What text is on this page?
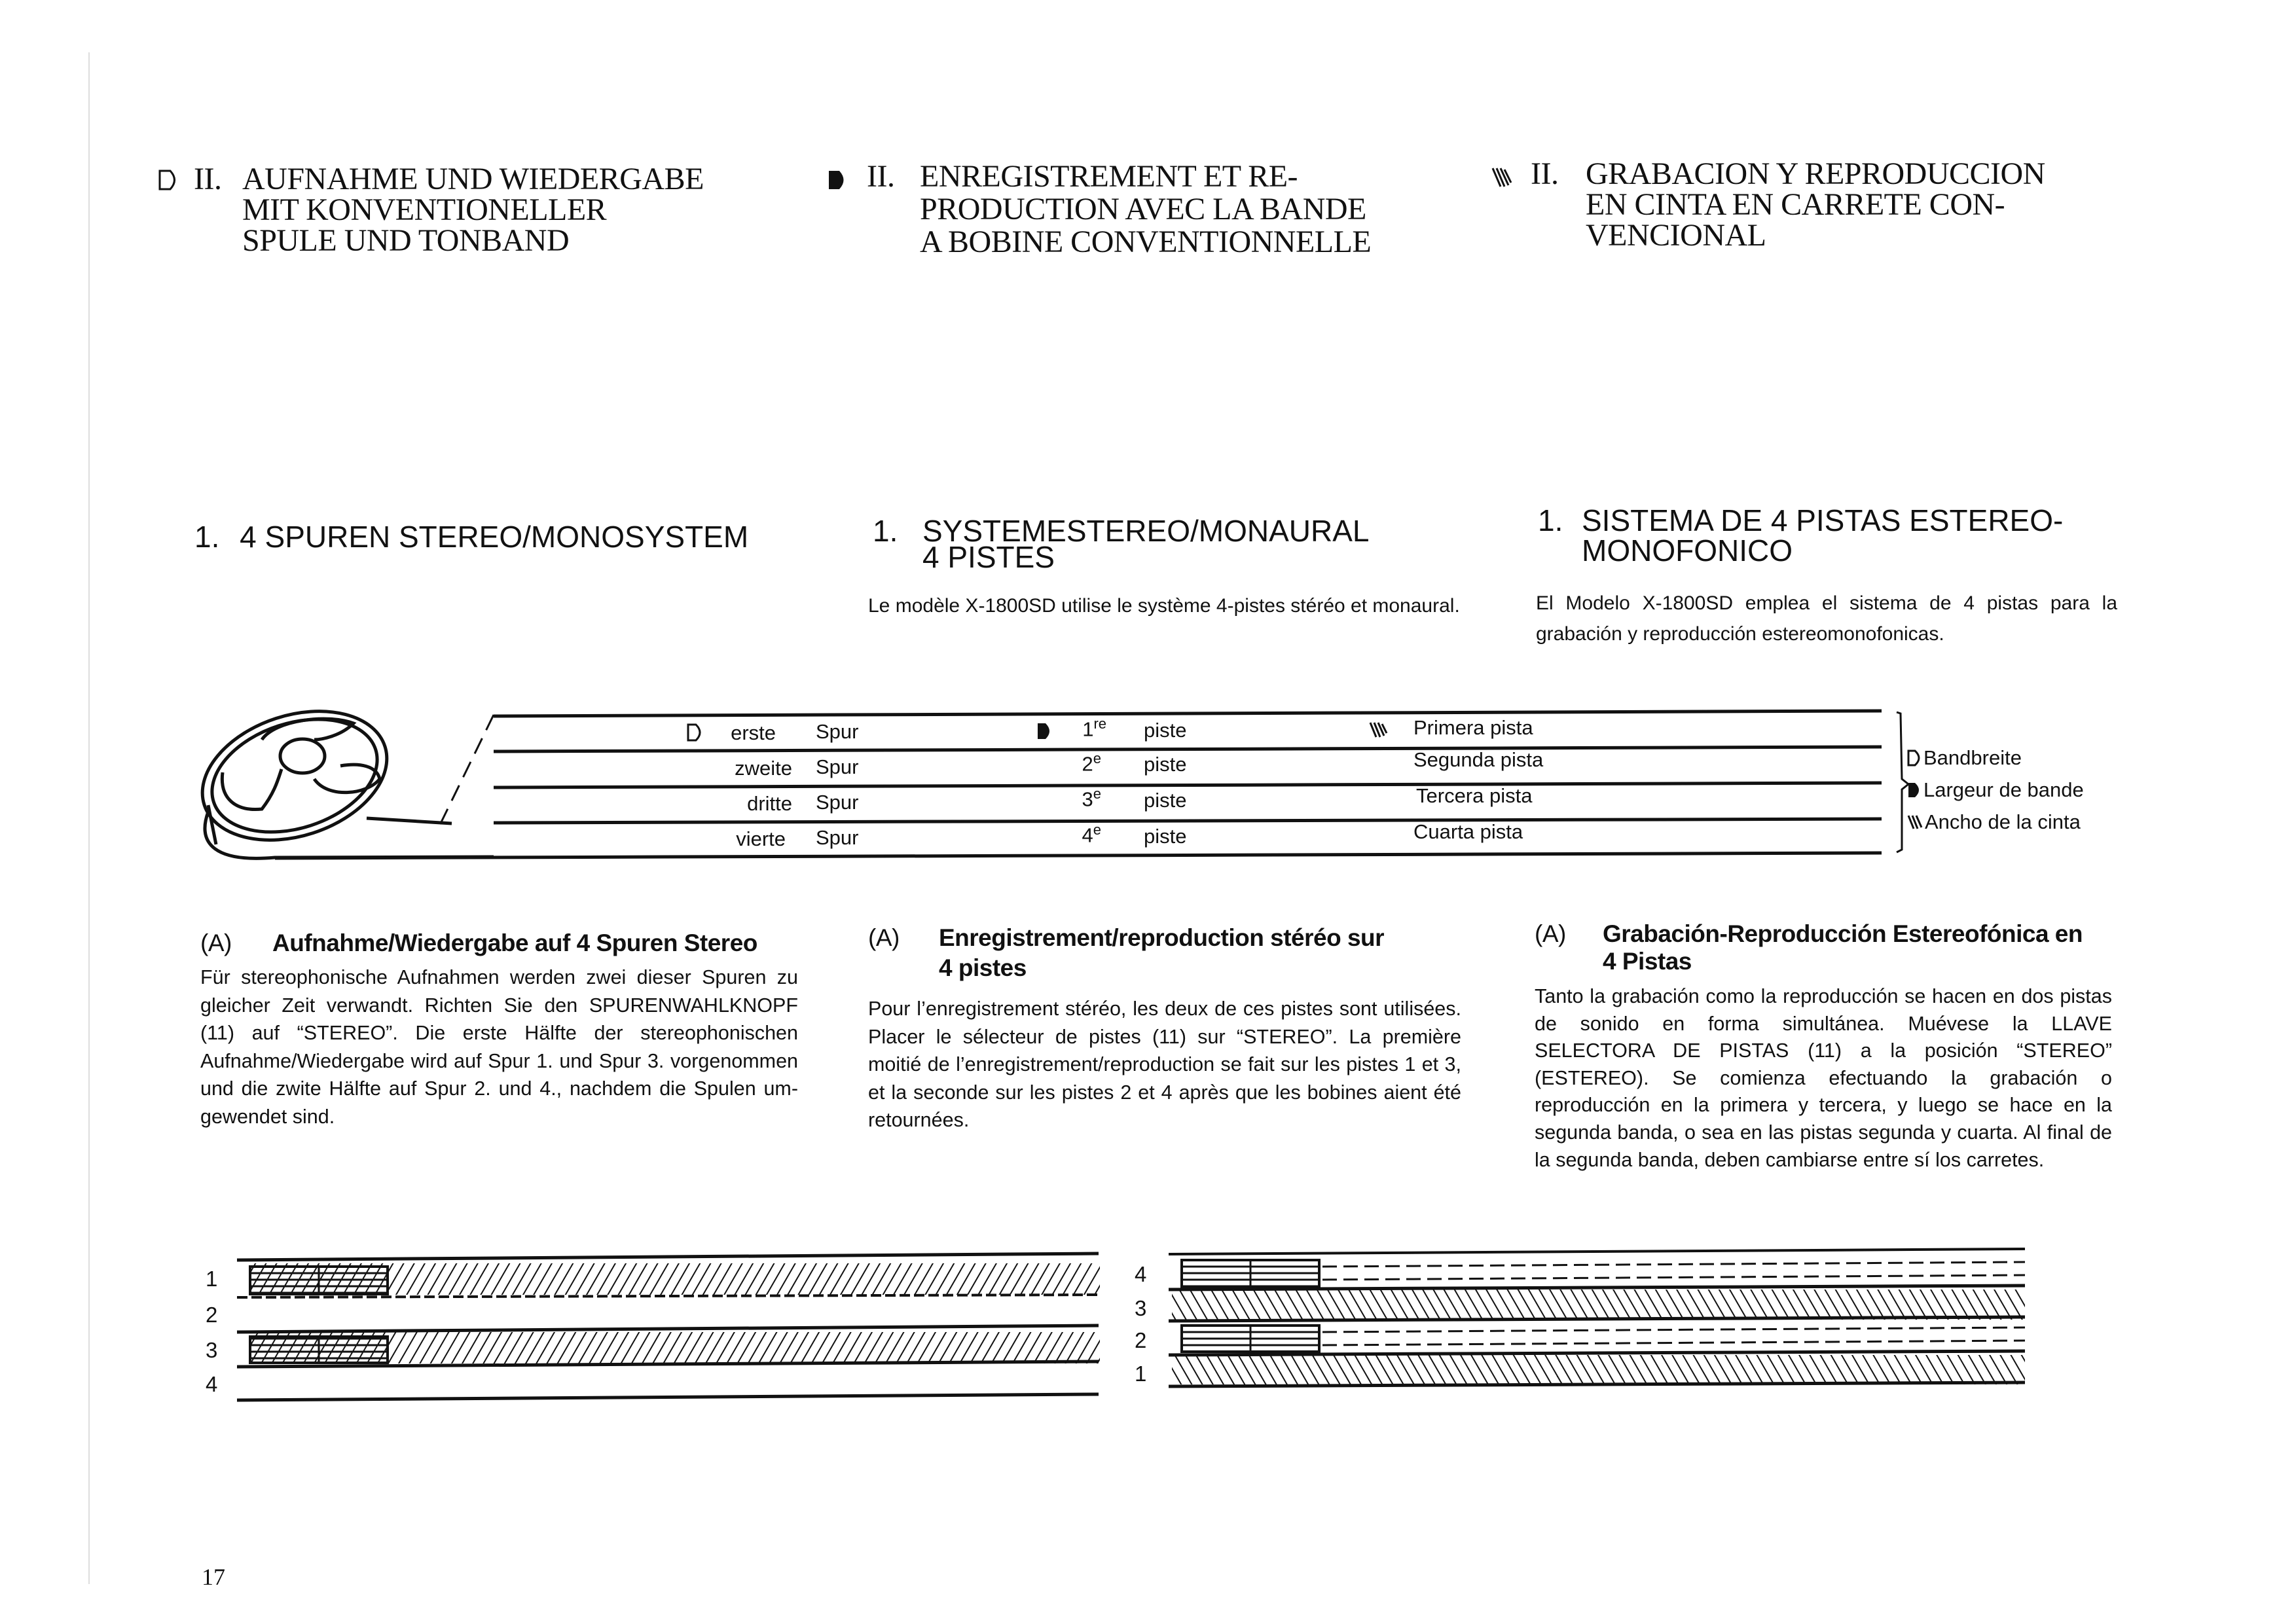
II. AUFNAHME UND WIEDERGABE
MIT KONVENTIONELLER
SPULE UND TONBAND
II. ENREGISTREMENT ET RE-
PRODUCTION AVEC LA BANDE
A BOBINE CONVENTIONNELLE
II. GRABACION Y REPRODUCCION
EN CINTA EN CARRETE CON-
VENCIONAL
1. 4 SPUREN STEREO/MONOSYSTEM	1. SYSTEMESTEREO/MONAURAL
4 PISTES
Le modèle X-1800SD utilise le système 4-pistes stéréo et monaural.
1. SISTEMA DE 4 PISTAS ESTEREO-
MONOFONICO
El Modelo X-1800SD emplea el sistema de 4 pistas para la grabación y reproducción estereomonofonicas.
erste Spur	1re piste	Primera pista
zweite Spur	2e piste	Segunda pista
dritte Spur	3e piste	Tercera pista
vierte Spur	4e piste	Cuarta pista
Bandbreite
Largeur de bande
Ancho de la cinta
(A) Aufnahme/Wiedergabe auf 4 Spuren Stereo
Für stereophonische Aufnahmen werden zwei dieser Spuren zu gleicher Zeit verwandt. Richten Sie den SPURENWAHLKNOPF (11) auf “STEREO”. Die erste Hälfte der stereophonischen Aufnahme/Wiedergabe wird auf Spur 1. und Spur 3. vorgenommen und die zwite Hälfte auf Spur 2. und 4., nachdem die Spulen um-gewendet sind.
(A) Enregistrement/reproduction stéréo sur
4 pistes
Pour l’enregistrement stéréo, les deux de ces pistes sont utilisées. Placer le sélecteur de pistes (11) sur “STEREO”. La première moitié de l’enregistrement/reproduction se fait sur les pistes 1 et 3, et la seconde sur les pistes 2 et 4 après que les bobines aient été retournées.
(A) Grabación-Reproducción Estereofónica en
4 Pistas
Tanto la grabación como la reproducción se hacen en dos pistas de sonido en forma simultánea. Muévese la LLAVE SELECTORA DE PISTAS (11) a la posición “STEREO” (ESTEREO). Se comienza efectuando la grabación o reproducción en la primera y tercera, y luego se hace en la segunda banda, o sea en las pistas segunda y cuarta. Al final de la segunda banda, deben cambiarse entre sí los carretes.
1
2
3
4
4
3
2
1
17
